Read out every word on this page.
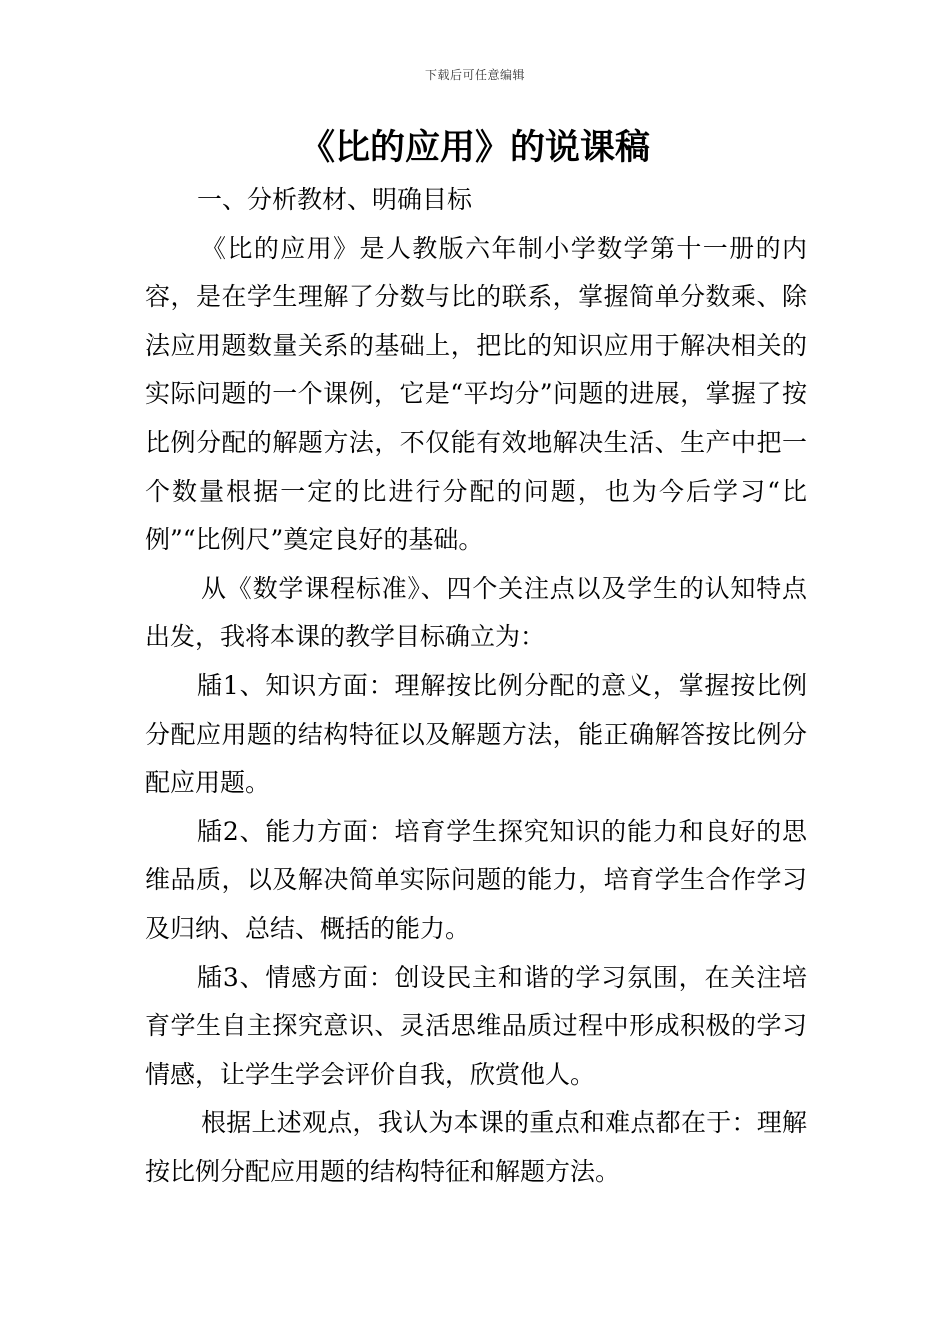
下载后可任意编辑
《比的应用》的说课稿

一、分析教材、明确目标

《比的应用》是人教版六年制小学数学第十一册的内容，是在学生理解了分数与比的联系，掌握简单分数乘、除法应用题数量关系的基础上，把比的知识应用于解决相关的实际问题的一个课例，它是“平均分”问题的进展，掌握了按比例分配的解题方法，不仅能有效地解决生活、生产中把一个数量根据一定的比进行分配的问题，也为今后学习“比例”“比例尺”奠定良好的基础。

从《数学课程标准》、四个关注点以及学生的认知特点出发，我将本课的教学目标确立为：

牐1、知识方面：理解按比例分配的意义，掌握按比例分配应用题的结构特征以及解题方法，能正确解答按比例分配应用题。

牐2、能力方面：培育学生探究知识的能力和良好的思维品质，以及解决简单实际问题的能力，培育学生合作学习及归纳、总结、概括的能力。

牐3、情感方面：创设民主和谐的学习氛围，在关注培育学生自主探究意识、灵活思维品质过程中形成积极的学习情感，让学生学会评价自我，欣赏他人。

根据上述观点，我认为本课的重点和难点都在于：理解按比例分配应用题的结构特征和解题方法。
